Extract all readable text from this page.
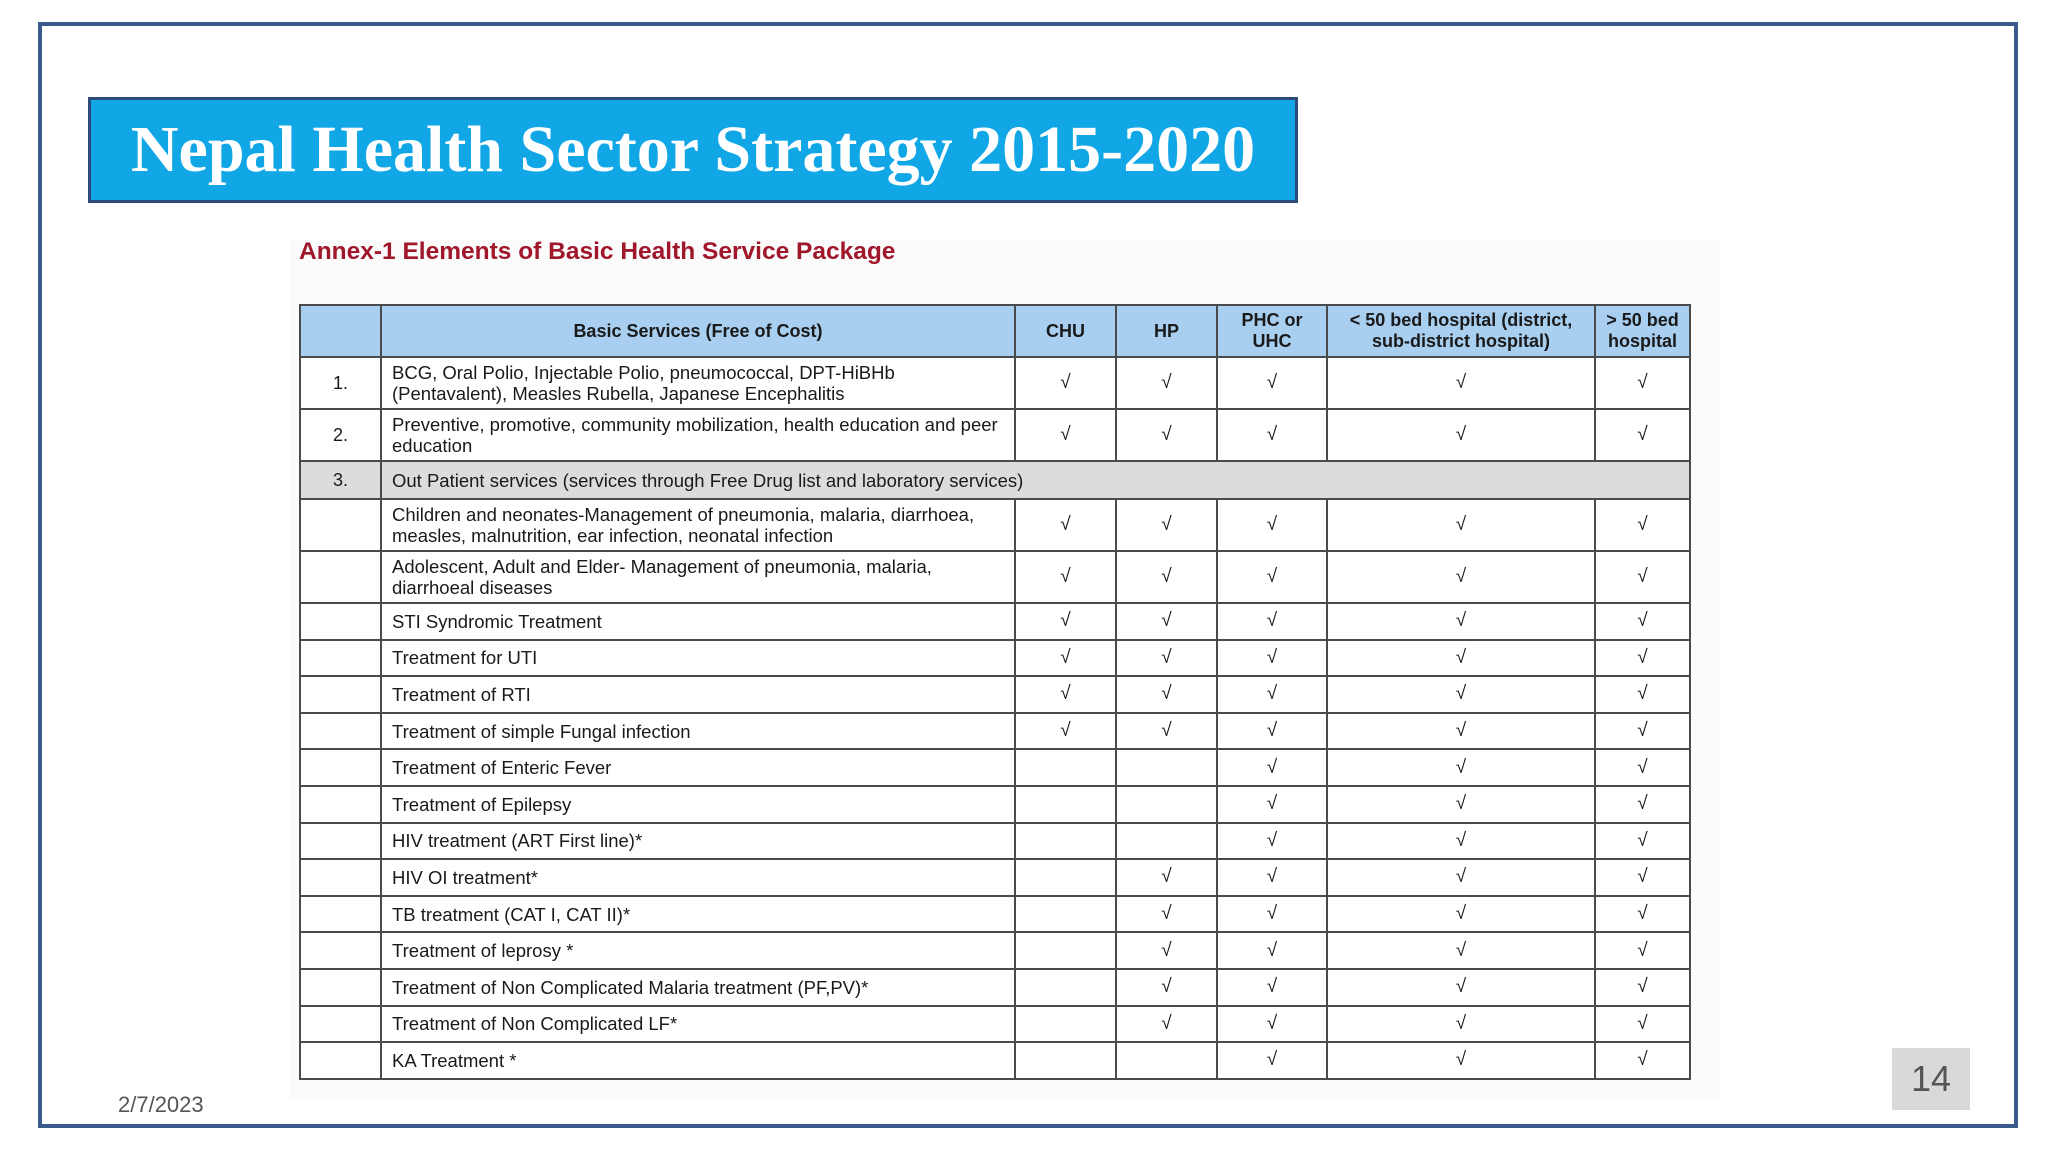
Nepal Health Sector Strategy 2015-2020
Annex-1 Elements of Basic Health Service Package
	Basic Services (Free of Cost)	CHU	HP	PHC or UHC	< 50 bed hospital (district, sub-district hospital)	> 50 bed hospital
1.	BCG, Oral Polio, Injectable Polio, pneumococcal, DPT-HiBHb (Pentavalent), Measles Rubella, Japanese Encephalitis	√	√	√	√	√
2.	Preventive, promotive, community mobilization, health education and peer education	√	√	√	√	√
3.	Out Patient services (services through Free Drug list and laboratory services)					
	Children and neonates-Management of pneumonia, malaria, diarrhoea, measles, malnutrition, ear infection, neonatal infection	√	√	√	√	√
	Adolescent, Adult and Elder- Management of pneumonia, malaria, diarrhoeal diseases	√	√	√	√	√
	STI Syndromic Treatment	√	√	√	√	√
	Treatment for UTI	√	√	√	√	√
	Treatment of RTI	√	√	√	√	√
	Treatment of simple Fungal infection	√	√	√	√	√
	Treatment of Enteric Fever			√	√	√
	Treatment of Epilepsy			√	√	√
	HIV treatment (ART First line)*			√	√	√
	HIV OI treatment*		√	√	√	√
	TB treatment (CAT I, CAT II)*		√	√	√	√
	Treatment of leprosy *		√	√	√	√
	Treatment of Non Complicated Malaria treatment (PF,PV)*		√	√	√	√
	Treatment of Non Complicated LF*		√	√	√	√
	KA Treatment *			√	√	√
2/7/2023
14
